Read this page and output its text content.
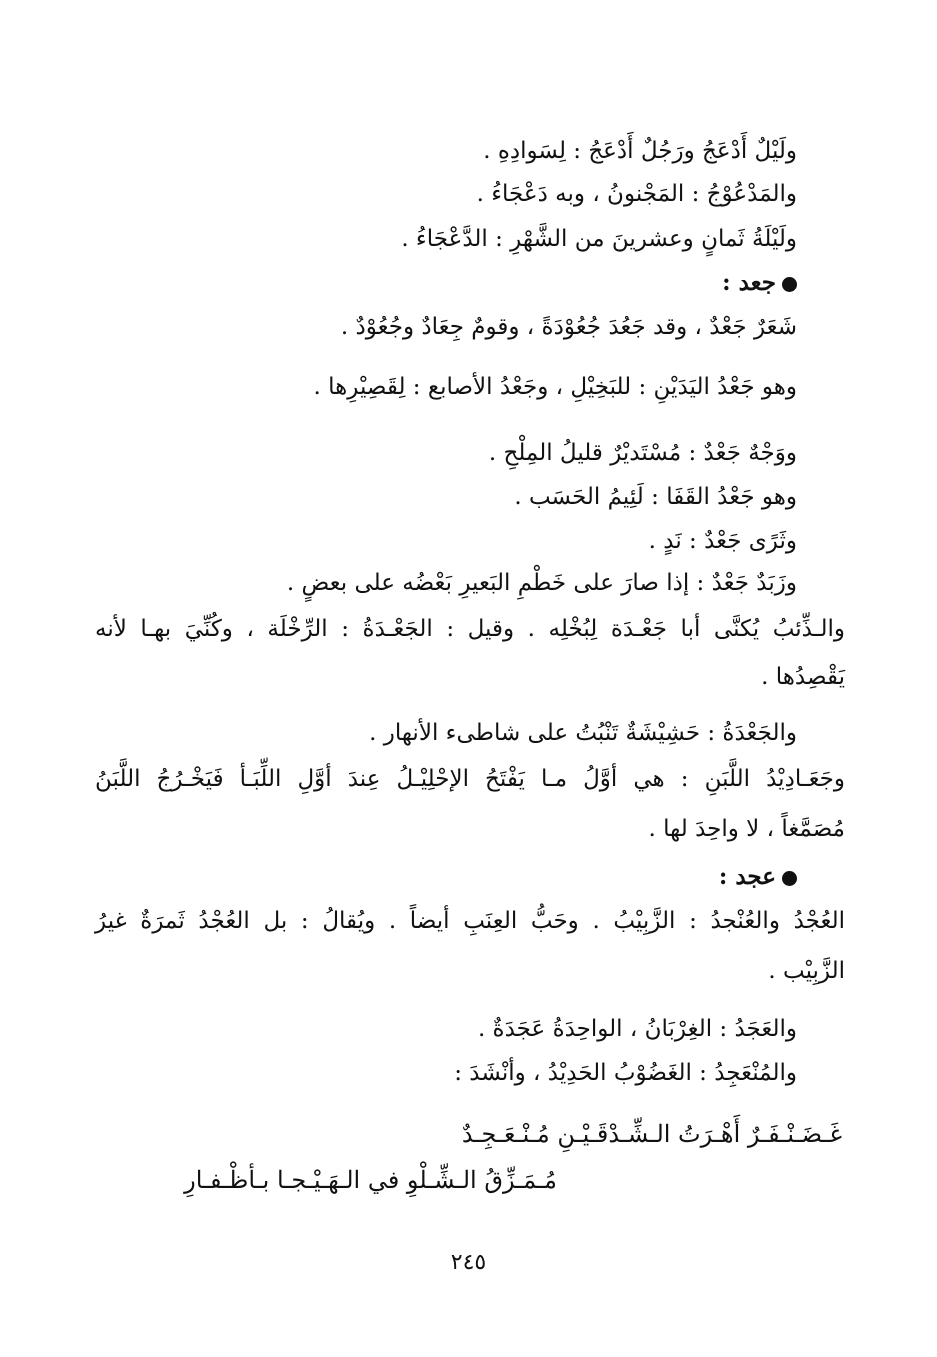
ولَيْلٌ أَدْعَجُ ورَجُلٌ أَدْعَجُ : لِسَوادِهِ .
والمَدْعُوْجُ : المَجْنونُ ، وبه دَعْجَاءُ .
ولَيْلَةُ ثَمانٍ وعشرينَ من الشَّهْرِ : الدَّعْجَاءُ .
جعد :
شَعَرٌ جَعْدٌ ، وقد جَعُدَ جُعُوْدَةً ، وقومٌ جِعَادٌ وجُعُوْدٌ .
وهو جَعْدُ اليَدَيْنِ : للبَخِيْلِ ، وجَعْدُ الأصابع : لِقَصِيْرِها .
ووَجْهٌ جَعْدٌ : مُسْتَديْرٌ قليلُ المِلْحِ .
وهو جَعْدُ القَفَا : لَئِيمُ الحَسَب .
وثَرًى جَعْدٌ : نَدٍ .
وزَبَدٌ جَعْدٌ : إذا صارَ على خَطْمِ البَعيرِ بَعْضُه على بعضٍ .
والـذِّئبُ يُكنَّى أبا جَعْـدَة لِبُخْلِه . وقيل : الجَعْـدَةُ : الرِّخْلَة ، وكُنِّيَ بهـا لأنه
يَقْصِدُها .
والجَعْدَةُ : حَشِيْشَةٌ تَنْبُتُ على شاطىء الأنهار .
وجَعَـادِيْدُ اللَّبَنِ : هي أوَّلُ مـا يَفْتَحُ الإحْلِيْـلُ عِندَ أوَّلِ اللِّبَـأ فَيَخْـرُجُ اللَّبَنُ
مُصَمَّغاً ، لا واحِدَ لها .
عجد :
العُجْدُ والعُنْجدُ : الزَّبِيْبُ . وحَبُّ العِنَبِ أيضاً . ويُقالُ : بل العُجْدُ ثَمرَةٌ غيرُ
الزَّبِيْب .
والعَجَدُ : الغِرْبَانُ ، الواحِدَةُ عَجَدَةٌ .
والمُنْعَجِدُ : الغَضُوْبُ الحَدِيْدُ ، وأنْشَدَ :
غَـضَـنْـفَـرٌ أَهْـرَتُ الـشِّـدْقَـيْـنِ مُـنْـعَـجِـدٌ
مُـمَـزِّقُ الـشِّـلْوِ في الـهَـيْـجـا بـأظْـفـارِ
٢٤٥
